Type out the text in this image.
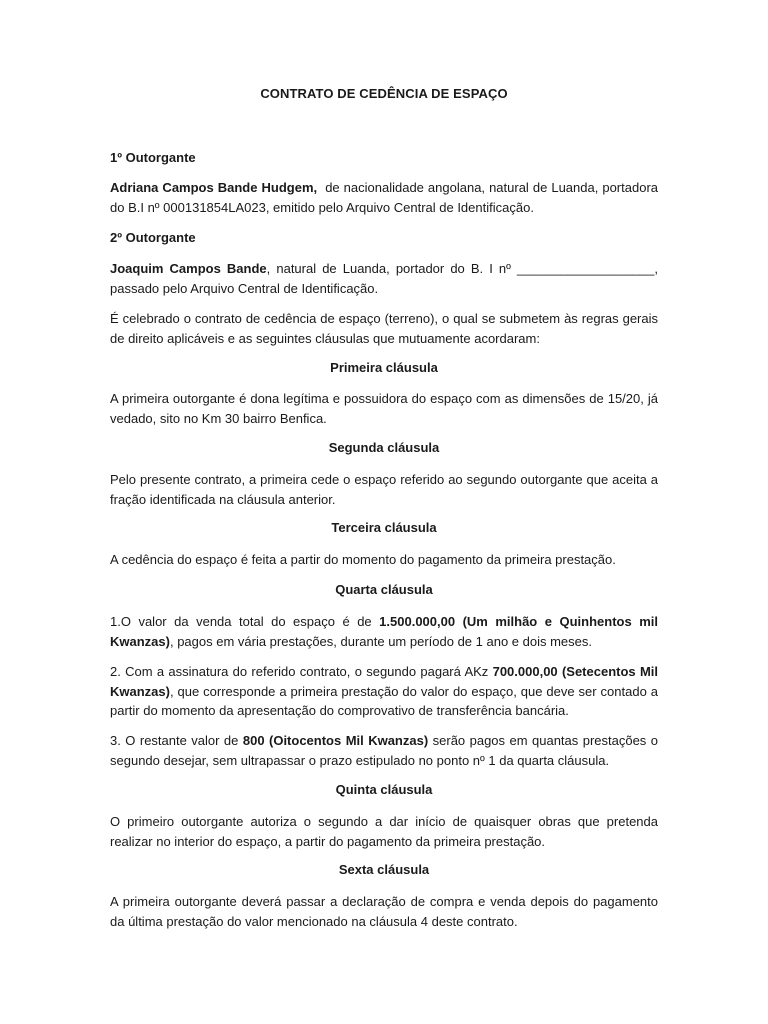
CONTRATO DE CEDÊNCIA DE ESPAÇO
1º Outorgante
Adriana Campos Bande Hudgem, de nacionalidade angolana, natural de Luanda, portadora do B.I nº 000131854LA023, emitido pelo Arquivo Central de Identificação.
2º Outorgante
Joaquim Campos Bande, natural de Luanda, portador do B. I nº ___________________, passado pelo Arquivo Central de Identificação.
É celebrado o contrato de cedência de espaço (terreno), o qual se submetem às regras gerais de direito aplicáveis e as seguintes cláusulas que mutuamente acordaram:
Primeira cláusula
A primeira outorgante é dona legítima e possuidora do espaço com as dimensões de 15/20, já vedado, sito no Km 30 bairro Benfica.
Segunda cláusula
Pelo presente contrato, a primeira cede o espaço referido ao segundo outorgante que aceita a fração identificada na cláusula anterior.
Terceira cláusula
A cedência do espaço é feita a partir do momento do pagamento da primeira prestação.
Quarta cláusula
1.O valor da venda total do espaço é de 1.500.000,00 (Um milhão e Quinhentos mil Kwanzas), pagos em vária prestações, durante um período de 1 ano e dois meses.
2. Com a assinatura do referido contrato, o segundo pagará AKz 700.000,00 (Setecentos Mil Kwanzas), que corresponde a primeira prestação do valor do espaço, que deve ser contado a partir do momento da apresentação do comprovativo de transferência bancária.
3. O restante valor de 800 (Oitocentos Mil Kwanzas) serão pagos em quantas prestações o segundo desejar, sem ultrapassar o prazo estipulado no ponto nº 1 da quarta cláusula.
Quinta cláusula
O primeiro outorgante autoriza o segundo a dar início de quaisquer obras que pretenda realizar no interior do espaço, a partir do pagamento da primeira prestação.
Sexta cláusula
A primeira outorgante deverá passar a declaração de compra e venda depois do pagamento da última prestação do valor mencionado na cláusula 4 deste contrato.
